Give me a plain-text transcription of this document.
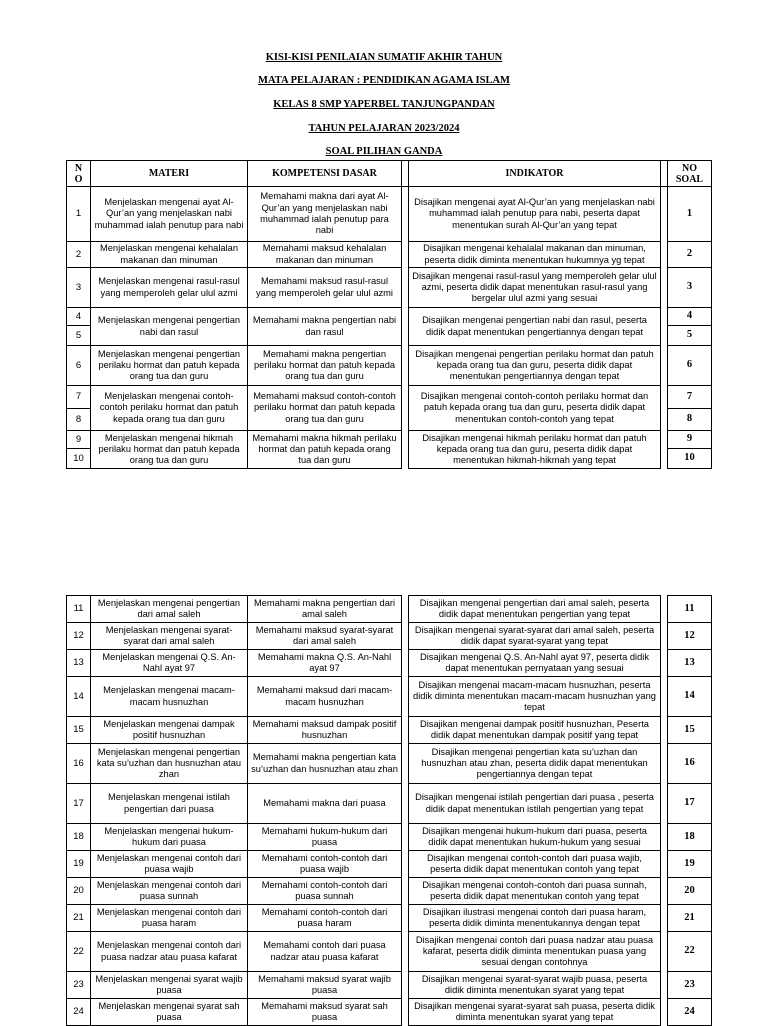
KISI-KISI PENILAIAN SUMATIF AKHIR TAHUN
MATA PELAJARAN : PENDIDIKAN AGAMA ISLAM
KELAS 8 SMP YAPERBEL TANJUNGPANDAN
TAHUN PELAJARAN 2023/2024
SOAL PILIHAN GANDA
N O	MATERI	KOMPETENSI DASAR		INDIKATOR		NO SOAL
1	Menjelaskan mengenai ayat Al-Qur’an yang menjelaskan nabi muhammad ialah penutup para nabi	Memahami makna dari ayat Al-Qur’an yang menjelaskan nabi muhammad ialah penutup para nabi		Disajikan mengenai ayat Al-Qur’an yang menjelaskan nabi muhammad ialah penutup para nabi, peserta dapat menentukan surah Al-Qur’an yang tepat		1
2	Menjelaskan mengenai kehalalan makanan dan minuman	Memahami maksud kehalalan makanan dan minuman		Disajikan mengenai kehalalal makanan dan minuman, peserta didik diminta menentukan hukumnya yg tepat		2
3	Menjelaskan mengenai rasul-rasul yang memperoleh gelar ulul azmi	Memahami maksud rasul-rasul yang memperoleh gelar ulul azmi		Disajikan mengenai rasul-rasul yang memperoleh gelar ulul azmi, peserta didik dapat menentukan rasul-rasul yang bergelar ulul azmi yang sesuai		3
4	Menjelaskan mengenai pengertian nabi dan rasul	Memahami makna pengertian nabi dan rasul		Disajikan mengenai pengertian nabi dan rasul, peserta didik dapat menentukan pengertiannya dengan tepat		4
5						5
6	Menjelaskan mengenai pengertian perilaku hormat dan patuh kepada orang tua dan guru	Memahami makna pengertian perilaku hormat dan patuh kepada orang tua dan guru		Disajikan mengenai pengertian perilaku hormat dan patuh kepada orang tua dan guru, peserta didik dapat menentukan pengertiannya dengan tepat		6
7	Menjelaskan mengenai contoh-contoh perilaku hormat dan patuh kepada orang tua dan guru	Memahami maksud contoh-contoh perilaku hormat dan patuh kepada orang tua dan guru		Disajikan mengenai contoh-contoh perilaku hormat dan patuh kepada orang tua dan guru, peserta didik dapat menentukan contoh-contoh yang tepat		7
8						8
9	Menjelaskan mengenai hikmah perilaku hormat dan patuh kepada orang tua dan guru	Memahami makna hikmah perilaku hormat dan patuh kepada orang tua dan guru		Disajikan mengenai hikmah perilaku hormat dan patuh kepada orang tua dan guru, peserta didik dapat menentukan hikmah-hikmah yang tepat		9
10						10
11	Menjelaskan mengenai pengertian dari amal saleh	Memahami makna pengertian dari amal saleh		Disajikan mengenai pengertian dari amal saleh, peserta didik dapat menentukan pengertian yang tepat		11
12	Menjelaskan mengenai syarat-syarat dari amal saleh	Memahami maksud syarat-syarat dari amal saleh		Disajikan mengenai syarat-syarat dari amal saleh, peserta didik dapat syarat-syarat yang tepat		12
13	Menjelaskan mengenai Q.S. An-Nahl ayat 97	Memahami makna Q.S. An-Nahl ayat 97		Disajikan mengenai Q.S. An-Nahl ayat 97, peserta didik dapat menentukan pernyataan yang sesuai		13
14	Menjelaskan mengenai macam-macam husnuzhan	Memahami maksud dari macam-macam husnuzhan		Disajikan mengenai macam-macam husnuzhan, peserta didik diminta menentukan macam-macam husnuzhan yang tepat		14
15	Menjelaskan mengenai dampak positif husnuzhan	Memahami maksud dampak positif husnuzhan		Disajikan mengenai dampak positif husnuzhan, Peserta didik dapat menentukan dampak positif yang tepat		15
16	Menjelaskan mengenai pengertian kata su’uzhan dan husnuzhan atau zhan	Memahami makna pengertian kata su’uzhan dan husnuzhan atau zhan		Disajikan mengenai pengertian kata su’uzhan dan husnuzhan atau zhan, peserta didik dapat menentukan pengertiannya dengan tepat		16
17	Menjelaskan mengenai istilah pengertian dari puasa	Memahami makna dari puasa		Disajikan mengenai istilah pengertian dari puasa , peserta didik dapat menentukan istilah pengertian yang tepat		17
18	Menjelaskan mengenai hukum-hukum dari puasa	Memahami hukum-hukum dari puasa		Disajikan mengenai hukum-hukum dari puasa, peserta didik dapat menentukan hukum-hukum yang sesuai		18
19	Menjelaskan mengenai contoh dari puasa wajib	Memahami contoh-contoh dari puasa wajib		Disajikan mengenai contoh-contoh dari puasa wajib, peserta didik dapat menentukan contoh yang tepat		19
20	Menjelaskan mengenai contoh dari puasa sunnah	Memahami contoh-contoh dari puasa sunnah		Disajikan mengenai contoh-contoh dari puasa sunnah, peserta didik dapat menentukan contoh yang tepat		20
21	Menjelaskan mengenai contoh dari puasa haram	Memahami contoh-contoh dari puasa haram		Disajikan ilustrasi mengenai contoh dari puasa haram, peserta didik diminta menentukannya dengan tepat		21
22	Menjelaskan mengenai contoh dari puasa nadzar atau puasa kafarat	Memahami contoh dari puasa nadzar atau puasa kafarat		Disajikan mengenai contoh dari puasa nadzar atau puasa kafarat, peserta didik diminta menentukan puasa yang sesuai dengan contohnya		22
23	Menjelaskan mengenai syarat wajib puasa	Memahami maksud syarat wajib puasa		Disajikan mengenai syarat-syarat wajib puasa, peserta didik diminta menentukan syarat yang tepat		23
24	Menjelaskan mengenai syarat sah puasa	Memahami maksud syarat sah puasa		Disajikan mengenai syarat-syarat sah puasa, peserta didik diminta menentukan syarat yang tepat		24
